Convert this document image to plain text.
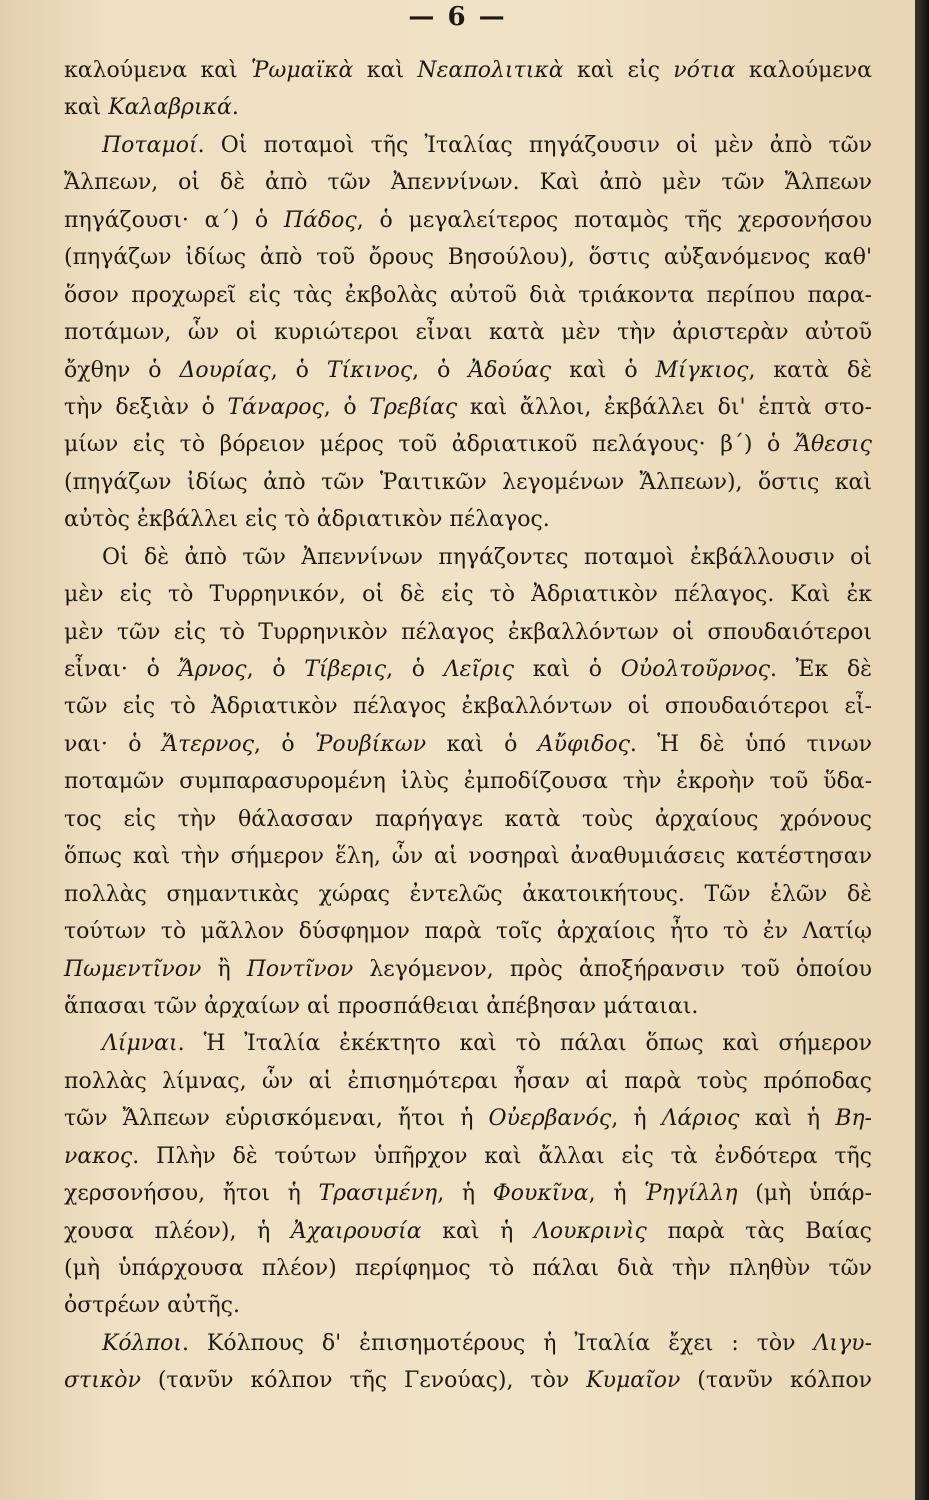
— 6 —
καλούμενα καὶ Ῥωμαϊκὰ καὶ Νεαπολιτικὰ καὶ εἰς νότια καλούμενα
καὶ Καλαβρικά.
Ποταμοί. Οἱ ποταμοὶ τῆς Ἰταλίας πηγάζουσιν οἱ μὲν ἀπὸ τῶν
Ἄλπεων, οἱ δὲ ἀπὸ τῶν Ἀπεννίνων. Καὶ ἀπὸ μὲν τῶν Ἄλπεων
πηγάζουσι· α΄) ὁ Πάδος, ὁ μεγαλείτερος ποταμὸς τῆς χερσονήσου
(πηγάζων ἰδίως ἀπὸ τοῦ ὄρους Βησούλου), ὅστις αὐξανόμενος καθ'
ὅσον προχωρεῖ εἰς τὰς ἐκβολὰς αὐτοῦ διὰ τριάκοντα περίπου παρα-
ποτάμων, ὧν οἱ κυριώτεροι εἶναι κατὰ μὲν τὴν ἀριστερὰν αὐτοῦ
ὄχθην ὁ Δουρίας, ὁ Τίκινος, ὁ Ἀδούας καὶ ὁ Μίγκιος, κατὰ δὲ
τὴν δεξιὰν ὁ Τάναρος, ὁ Τρεβίας καὶ ἄλλοι, ἐκβάλλει δι' ἑπτὰ στο-
μίων εἰς τὸ βόρειον μέρος τοῦ ἀδριατικοῦ πελάγους· β΄) ὁ Ἄθεσις
(πηγάζων ἰδίως ἀπὸ τῶν Ῥαιτικῶν λεγομένων Ἄλπεων), ὅστις καὶ
αὐτὸς ἐκβάλλει εἰς τὸ ἀδριατικὸν πέλαγος.
Οἱ δὲ ἀπὸ τῶν Ἀπεννίνων πηγάζοντες ποταμοὶ ἐκβάλλουσιν οἱ
μὲν εἰς τὸ Τυρρηνικόν, οἱ δὲ εἰς τὸ Ἀδριατικὸν πέλαγος. Καὶ ἐκ
μὲν τῶν εἰς τὸ Τυρρηνικὸν πέλαγος ἐκβαλλόντων οἱ σπουδαιότεροι
εἶναι· ὁ Ἄρνος, ὁ Τίβερις, ὁ Λεῖρις καὶ ὁ Οὐολτοῦρνος. Ἐκ δὲ
τῶν εἰς τὸ Ἀδριατικὸν πέλαγος ἐκβαλλόντων οἱ σπουδαιότεροι εἶ-
ναι· ὁ Ἄτερνος, ὁ Ῥουβίκων καὶ ὁ Αὔφιδος. Ἡ δὲ ὑπό τινων
ποταμῶν συμπαρασυρομένη ἰλὺς ἐμποδίζουσα τὴν ἐκροὴν τοῦ ὕδα-
τος εἰς τὴν θάλασσαν παρήγαγε κατὰ τοὺς ἀρχαίους χρόνους
ὅπως καὶ τὴν σήμερον ἕλη, ὧν αἱ νοσηραὶ ἀναθυμιάσεις κατέστησαν
πολλὰς σημαντικὰς χώρας ἐντελῶς ἀκατοικήτους. Τῶν ἑλῶν δὲ
τούτων τὸ μᾶλλον δύσφημον παρὰ τοῖς ἀρχαίοις ἦτο τὸ ἐν Λατίῳ
Πωμεντῖνον ἢ Ποντῖνον λεγόμενον, πρὸς ἀποξήρανσιν τοῦ ὁποίου
ἅπασαι τῶν ἀρχαίων αἱ προσπάθειαι ἀπέβησαν μάταιαι.
Λίμναι. Ἡ Ἰταλία ἐκέκτητο καὶ τὸ πάλαι ὅπως καὶ σήμερον
πολλὰς λίμνας, ὧν αἱ ἐπισημότεραι ἦσαν αἱ παρὰ τοὺς πρόποδας
τῶν Ἄλπεων εὑρισκόμεναι, ἤτοι ἡ Οὐερβανός, ἡ Λάριος καὶ ἡ Βη-
νακος. Πλὴν δὲ τούτων ὑπῆρχον καὶ ἄλλαι εἰς τὰ ἐνδότερα τῆς
χερσονήσου, ἤτοι ἡ Τρασιμένη, ἡ Φουκῖνα, ἡ Ῥηγίλλη (μὴ ὑπάρ-
χουσα πλέον), ἡ Ἀχαιρουσία καὶ ἡ Λουκρινὶς παρὰ τὰς Βαίας
(μὴ ὑπάρχουσα πλέον) περίφημος τὸ πάλαι διὰ τὴν πληθὺν τῶν
ὀστρέων αὐτῆς.
Κόλποι. Κόλπους δ' ἐπισημοτέρους ἡ Ἰταλία ἔχει : τὸν Λιγυ-
στικὸν (τανῦν κόλπον τῆς Γενούας), τὸν Κυμαῖον (τανῦν κόλπον
